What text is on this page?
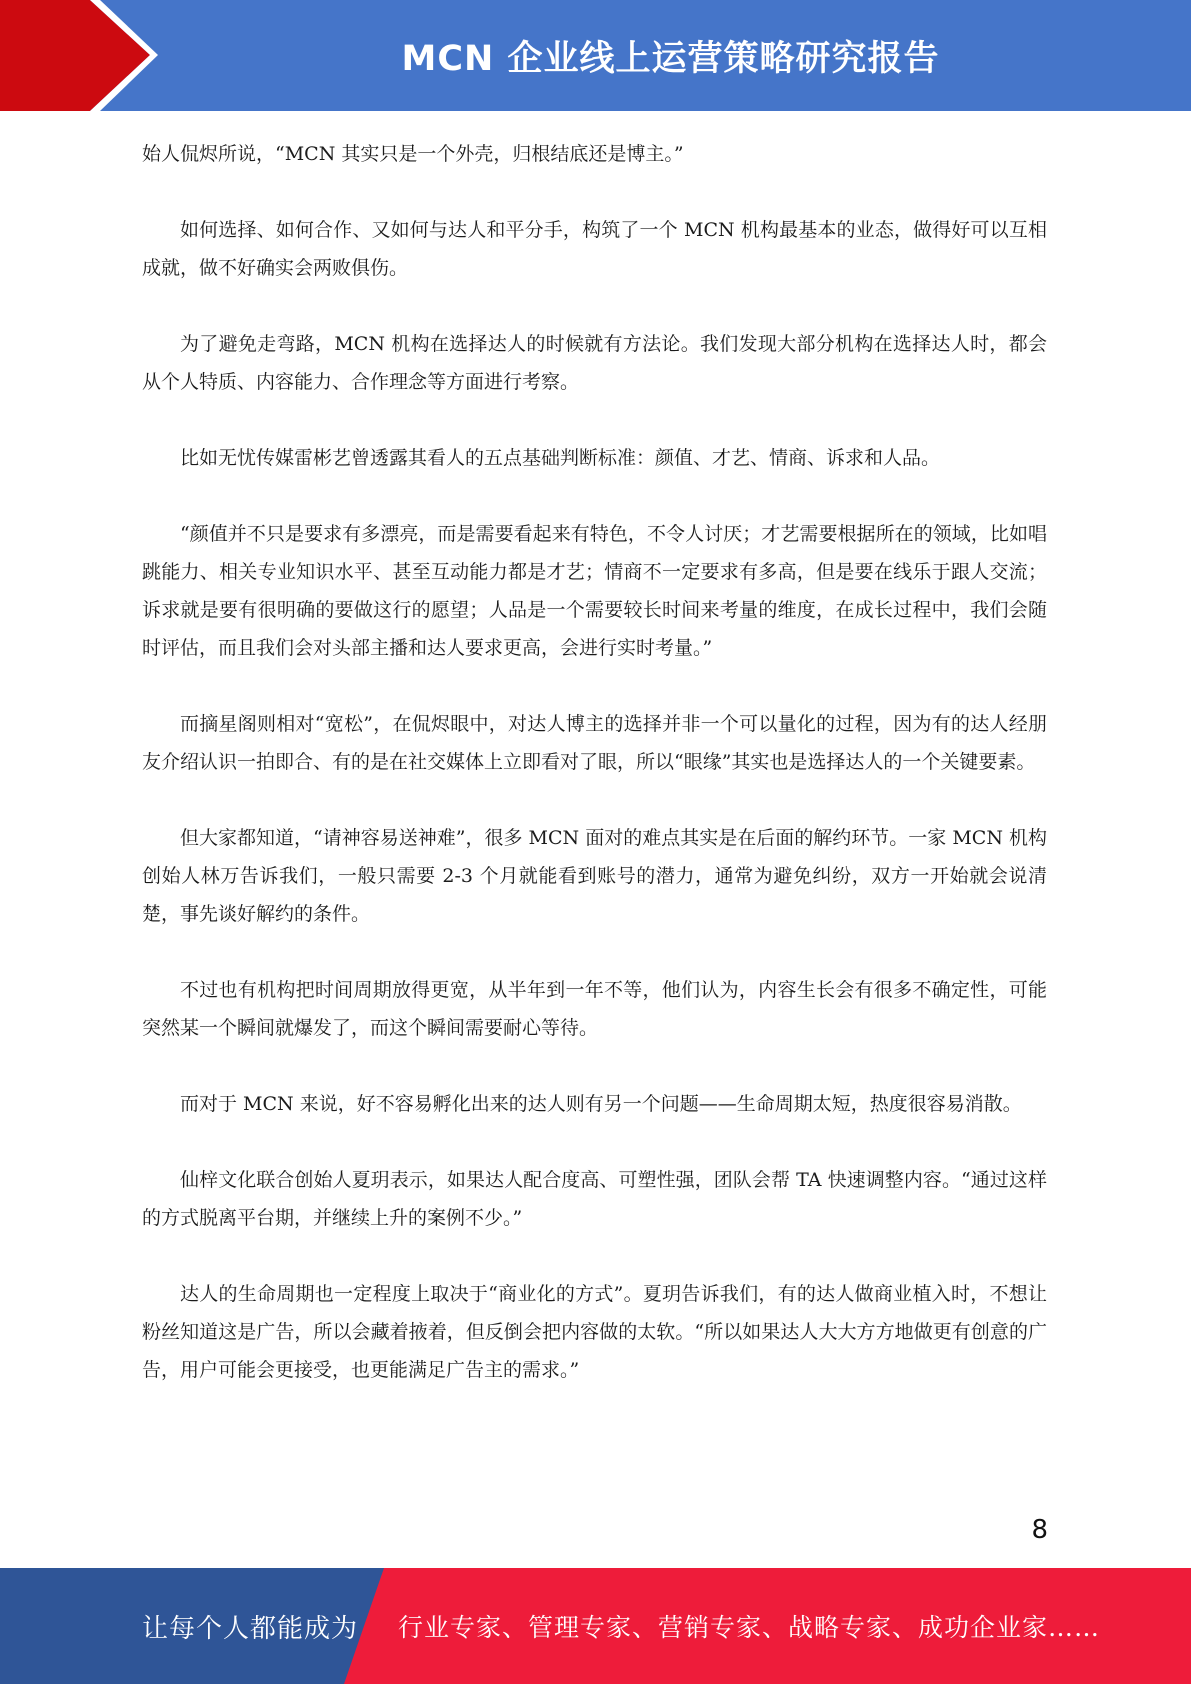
MCN 企业线上运营策略研究报告

始人侃烬所说，“MCN 其实只是一个外壳，归根结底还是博主。”

如何选择、如何合作、又如何与达人和平分手，构筑了一个 MCN 机构最基本的业态，做得好可以互相成就，做不好确实会两败俱伤。

为了避免走弯路，MCN 机构在选择达人的时候就有方法论。我们发现大部分机构在选择达人时，都会从个人特质、内容能力、合作理念等方面进行考察。

比如无忧传媒雷彬艺曾透露其看人的五点基础判断标准：颜值、才艺、情商、诉求和人品。

“颜值并不只是要求有多漂亮，而是需要看起来有特色，不令人讨厌；才艺需要根据所在的领域，比如唱跳能力、相关专业知识水平、甚至互动能力都是才艺；情商不一定要求有多高，但是要在线乐于跟人交流；诉求就是要有很明确的要做这行的愿望；人品是一个需要较长时间来考量的维度，在成长过程中，我们会随时评估，而且我们会对头部主播和达人要求更高，会进行实时考量。”

而摘星阁则相对“宽松”，在侃烬眼中，对达人博主的选择并非一个可以量化的过程，因为有的达人经朋友介绍认识一拍即合、有的是在社交媒体上立即看对了眼，所以“眼缘”其实也是选择达人的一个关键要素。

但大家都知道，“请神容易送神难”，很多 MCN 面对的难点其实是在后面的解约环节。一家 MCN 机构创始人林万告诉我们，一般只需要 2-3 个月就能看到账号的潜力，通常为避免纠纷，双方一开始就会说清楚，事先谈好解约的条件。

不过也有机构把时间周期放得更宽，从半年到一年不等，他们认为，内容生长会有很多不确定性，可能突然某一个瞬间就爆发了，而这个瞬间需要耐心等待。

而对于 MCN 来说，好不容易孵化出来的达人则有另一个问题——生命周期太短，热度很容易消散。

仙梓文化联合创始人夏玥表示，如果达人配合度高、可塑性强，团队会帮 TA 快速调整内容。“通过这样的方式脱离平台期，并继续上升的案例不少。”

达人的生命周期也一定程度上取决于“商业化的方式”。夏玥告诉我们，有的达人做商业植入时，不想让粉丝知道这是广告，所以会藏着掖着，但反倒会把内容做的太软。“所以如果达人大大方方地做更有创意的广告，用户可能会更接受，也更能满足广告主的需求。”

8
让每个人都能成为 行业专家、管理专家、营销专家、战略专家、成功企业家……
